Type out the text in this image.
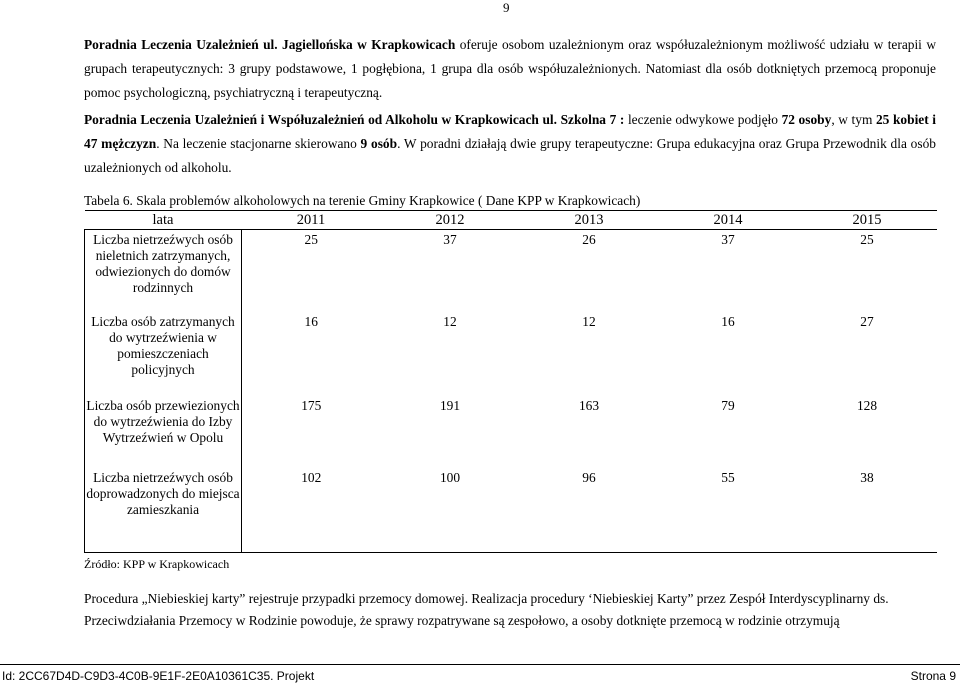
9
Poradnia Leczenia Uzależnień ul. Jagiellońska w Krapkowicach oferuje osobom uzależnionym oraz współuzależnionym możliwość udziału w terapii w grupach terapeutycznych: 3 grupy podstawowe, 1 pogłębiona, 1 grupa dla osób współuzależnionych. Natomiast dla osób dotkniętych przemocą proponuje pomoc psychologiczną, psychiatryczną i terapeutyczną.
Poradnia Leczenia Uzależnień i Współuzależnień od Alkoholu w Krapkowicach ul. Szkolna 7 : leczenie odwykowe podjęło 72 osoby, w tym 25 kobiet i 47 mężczyzn. Na leczenie stacjonarne skierowano 9 osób. W poradni działają dwie grupy terapeutyczne: Grupa edukacyjna oraz Grupa Przewodnik dla osób uzależnionych od alkoholu.
Tabela 6. Skala problemów alkoholowych na terenie Gminy Krapkowice ( Dane KPP w Krapkowicach)
lata	2011	2012	2013	2014	2015
Liczba nietrzeźwych osób nieletnich zatrzymanych, odwiezionych do domów rodzinnych	25	37	26	37	25
Liczba osób zatrzymanych do wytrzeźwienia w pomieszczeniach policyjnych	16	12	12	16	27
Liczba osób przewiezionych do wytrzeźwienia do Izby Wytrzeźwień w Opolu	175	191	163	79	128
Liczba nietrzeźwych osób doprowadzonych do miejsca zamieszkania	102	100	96	55	38
Źródło: KPP w Krapkowicach
Procedura „Niebieskiej karty” rejestruje przypadki przemocy domowej. Realizacja procedury ‘Niebieskiej Karty” przez Zespół Interdyscyplinarny ds.
Przeciwdziałania Przemocy w Rodzinie powoduje, że sprawy rozpatrywane są zespołowo, a osoby dotknięte przemocą w rodzinie otrzymują
Id: 2CC67D4D-C9D3-4C0B-9E1F-2E0A10361C35. Projekt	Strona 9
